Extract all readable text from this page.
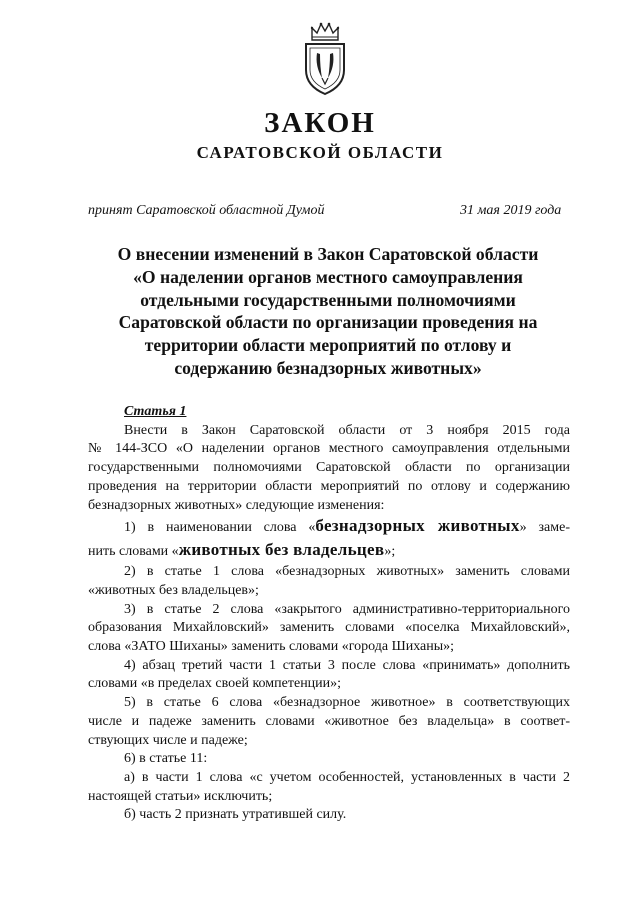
ЗАКОН
САРАТОВСКОЙ ОБЛАСТИ
принят Саратовской областной Думой	31 мая 2019 года
О внесении изменений в Закон Саратовской области
«О наделении органов местного самоуправления
отдельными государственными полномочиями
Саратовской области по организации проведения на
территории области мероприятий по отлову и
содержанию безнадзорных животных»
Статья 1
Внести в Закон Саратовской области от 3 ноября 2015 года
№ 144-ЗСО «О наделении органов местного самоуправления отдельными
государственными полномочиями Саратовской области по организации
проведения на территории области мероприятий по отлову и содержанию
безнадзорных животных» следующие изменения:
1) в наименовании слова «безнадзорных животных» заме-
нить словами «животных без владельцев»;
2) в статье 1 слова «безнадзорных животных» заменить словами
«животных без владельцев»;
3) в статье 2 слова «закрытого административно-территориального
образования Михайловский» заменить словами «поселка Михайловский»,
слова «ЗАТО Шиханы» заменить словами «города Шиханы»;
4) абзац третий части 1 статьи 3 после слова «принимать» дополнить
словами «в пределах своей компетенции»;
5) в статье 6 слова «безнадзорное животное» в соответствующих
числе и падеже заменить словами «животное без владельца» в соответ-
ствующих числе и падеже;
6) в статье 11:
а) в части 1 слова «с учетом особенностей, установленных в части 2
настоящей статьи» исключить;
б) часть 2 признать утратившей силу.
